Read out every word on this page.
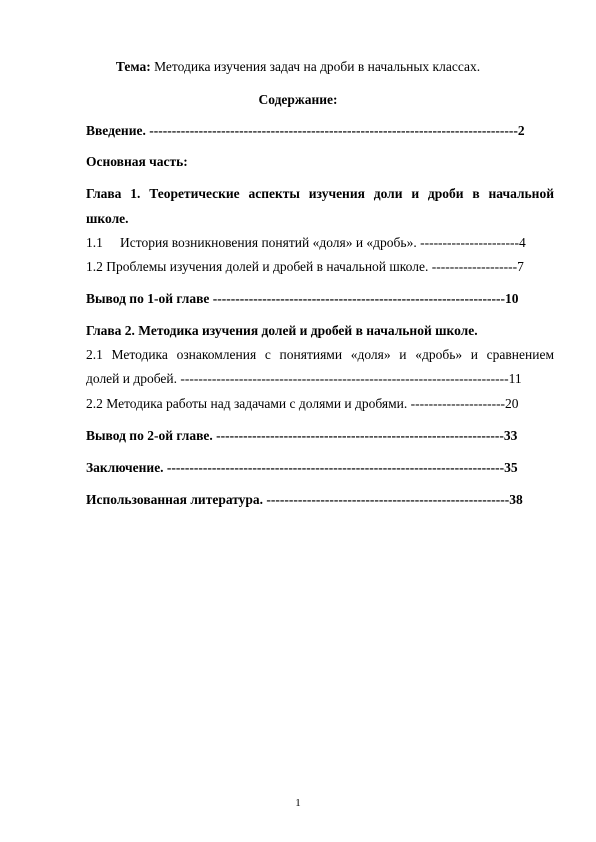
Тема: Методика изучения задач на дроби в начальных классах.
Содержание:
Введение. ----------------------------------------------------------------------------------2
Основная часть:
Глава 1. Теоретические аспекты изучения доли и дроби в начальной
школе.
1.1 История возникновения понятий «доля» и «дробь». ----------------------4
1.2 Проблемы изучения долей и дробей в начальной школе. -------------------7
Вывод по 1-ой главе -----------------------------------------------------------------10
Глава 2. Методика изучения долей и дробей в начальной школе.
2.1 Методика ознакомления с понятиями «доля» и «дробь» и сравнением
долей и дробей. -------------------------------------------------------------------------11
2.2 Методика работы над задачами с долями и дробями. ---------------------20
Вывод по 2-ой главе. ----------------------------------------------------------------33
Заключение. ---------------------------------------------------------------------------35
Использованная литература. ------------------------------------------------------38
1
